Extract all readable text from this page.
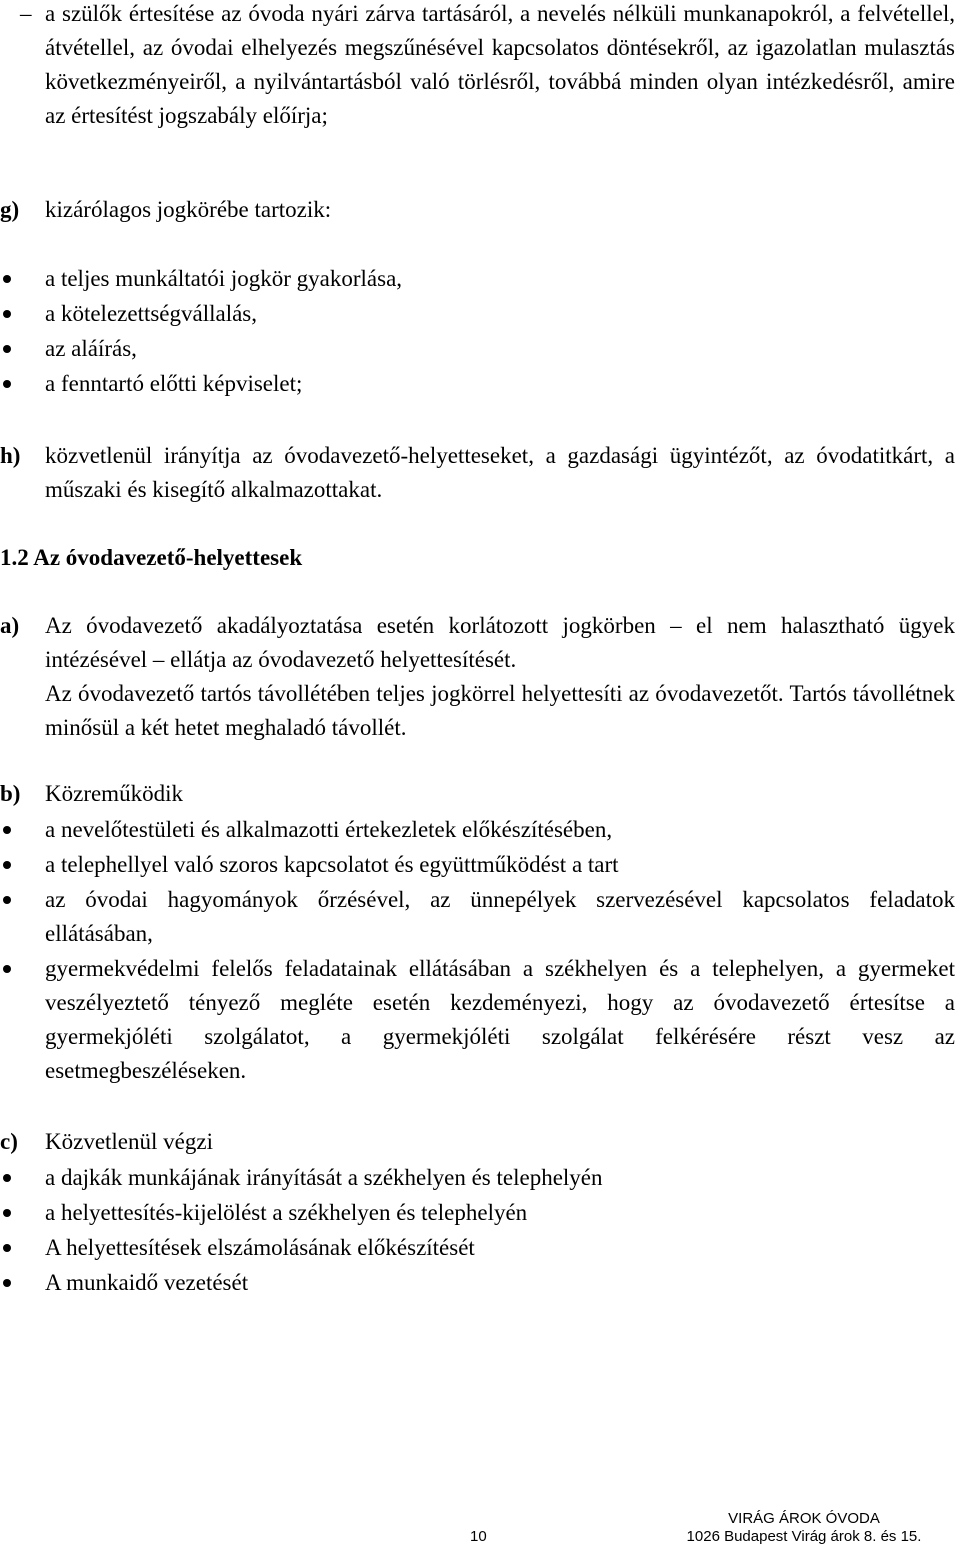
– a szülők értesítése az óvoda nyári zárva tartásáról, a nevelés nélküli munkanapokról, a felvétellel, átvétellel, az óvodai elhelyezés megszűnésével kapcsolatos döntésekről, az igazolatlan mulasztás következményeiről, a nyilvántartásból való törlésről, továbbá minden olyan intézkedésről, amire az értesítést jogszabály előírja;
g) kizárólagos jogkörébe tartozik:
a teljes munkáltatói jogkör gyakorlása,
a kötelezettségvállalás,
az aláírás,
a fenntartó előtti képviselet;
h) közvetlenül irányítja az óvodavezető-helyetteseket, a gazdasági ügyintézőt, az óvodatitkárt, a műszaki és kisegítő alkalmazottakat.
1.2 Az óvodavezető-helyettesek
a) Az óvodavezető akadályoztatása esetén korlátozott jogkörben – el nem halasztható ügyek intézésével – ellátja az óvodavezető helyettesítését.
Az óvodavezető tartós távollétében teljes jogkörrel helyettesíti az óvodavezetőt. Tartós távollétnek minősül a két hetet meghaladó távollét.
b) Közreműködik
a nevelőtestületi és alkalmazotti értekezletek előkészítésében,
a telephellyel való szoros kapcsolatot és együttműködést a tart
az óvodai hagyományok őrzésével, az ünnepélyek szervezésével kapcsolatos feladatok ellátásában,
gyermekvédelmi felelős feladatainak ellátásában a székhelyen és a telephelyen, a gyermeket veszélyeztető tényező megléte esetén kezdeményezi, hogy az óvodavezető értesítse a gyermekjóléti szolgálatot, a gyermekjóléti szolgálat felkérésére részt vesz az esetmegbeszéléseken.
c) Közvetlenül végzi
a dajkák munkájának irányítását a székhelyen és telephelyén
a helyettesítés-kijelölést a székhelyen és telephelyén
A helyettesítések elszámolásának előkészítését
A munkaidő vezetését
VIRÁG ÁROK ÓVODA
1026 Budapest Virág árok 8. és 15.
10
